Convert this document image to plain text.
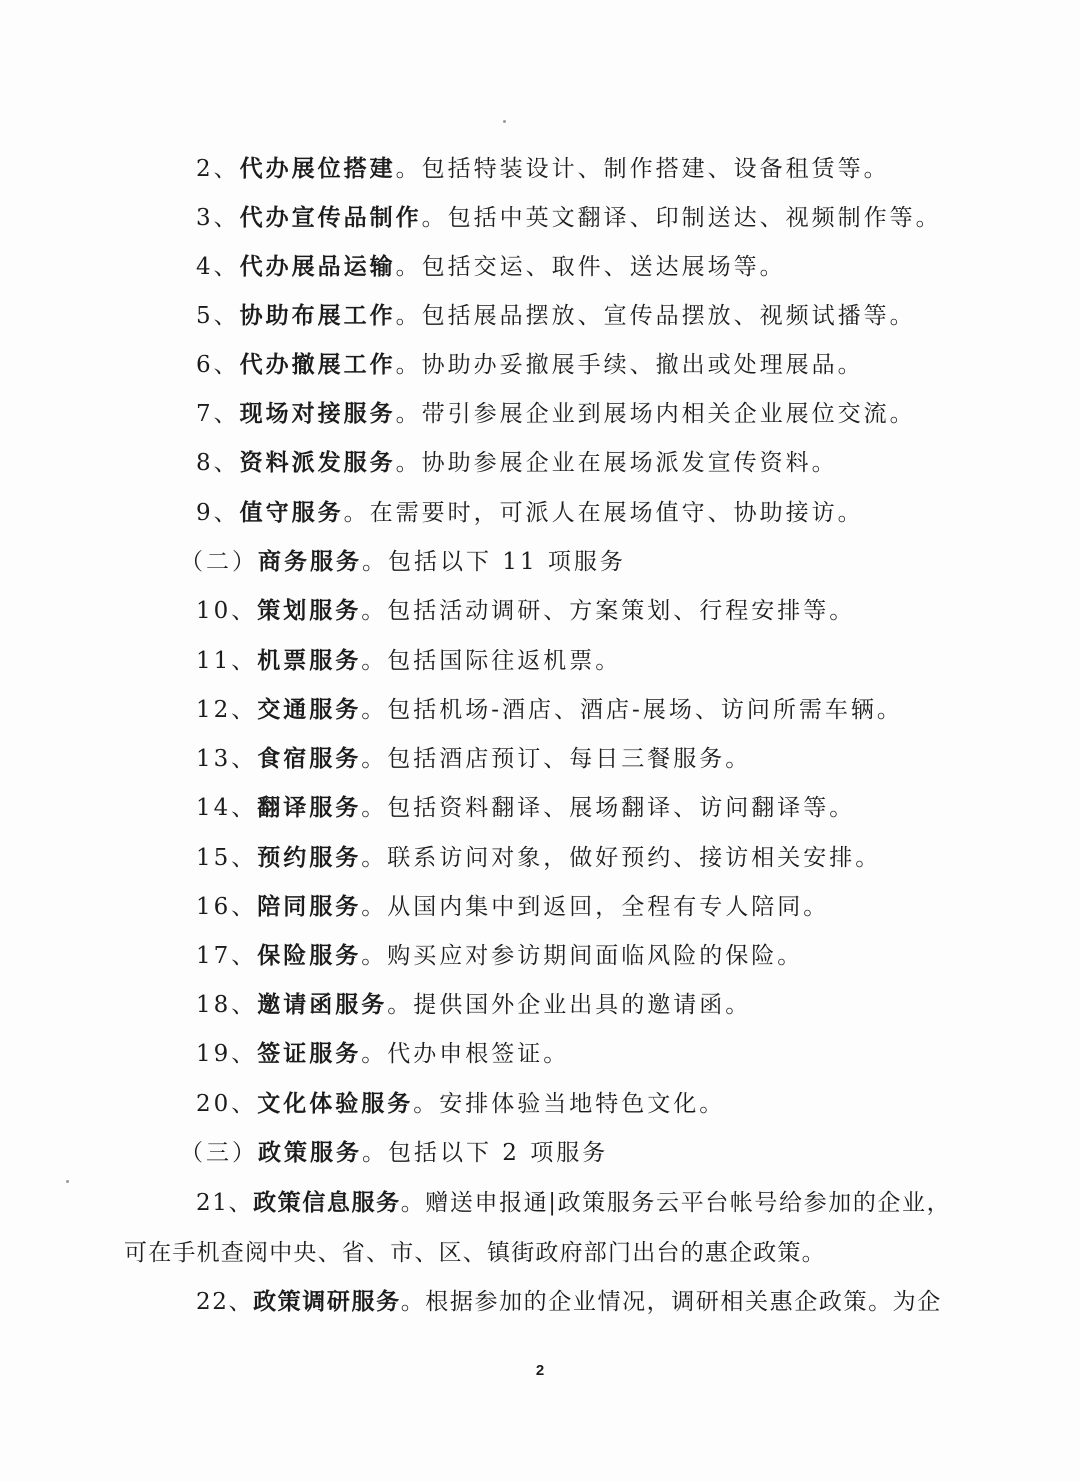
2、代办展位搭建。包括特装设计、制作搭建、设备租赁等。
3、代办宣传品制作。包括中英文翻译、印制送达、视频制作等。
4、代办展品运输。包括交运、取件、送达展场等。
5、协助布展工作。包括展品摆放、宣传品摆放、视频试播等。
6、代办撤展工作。协助办妥撤展手续、撤出或处理展品。
7、现场对接服务。带引参展企业到展场内相关企业展位交流。
8、资料派发服务。协助参展企业在展场派发宣传资料。
9、值守服务。在需要时，可派人在展场值守、协助接访。
（二）商务服务。包括以下 11 项服务
10、策划服务。包括活动调研、方案策划、行程安排等。
11、机票服务。包括国际往返机票。
12、交通服务。包括机场-酒店、酒店-展场、访问所需车辆。
13、食宿服务。包括酒店预订、每日三餐服务。
14、翻译服务。包括资料翻译、展场翻译、访问翻译等。
15、预约服务。联系访问对象，做好预约、接访相关安排。
16、陪同服务。从国内集中到返回，全程有专人陪同。
17、保险服务。购买应对参访期间面临风险的保险。
18、邀请函服务。提供国外企业出具的邀请函。
19、签证服务。代办申根签证。
20、文化体验服务。安排体验当地特色文化。
（三）政策服务。包括以下 2 项服务
21、政策信息服务。赠送申报通|政策服务云平台帐号给参加的企业，
可在手机查阅中央、省、市、区、镇街政府部门出台的惠企政策。
22、政策调研服务。根据参加的企业情况，调研相关惠企政策。为企
2
